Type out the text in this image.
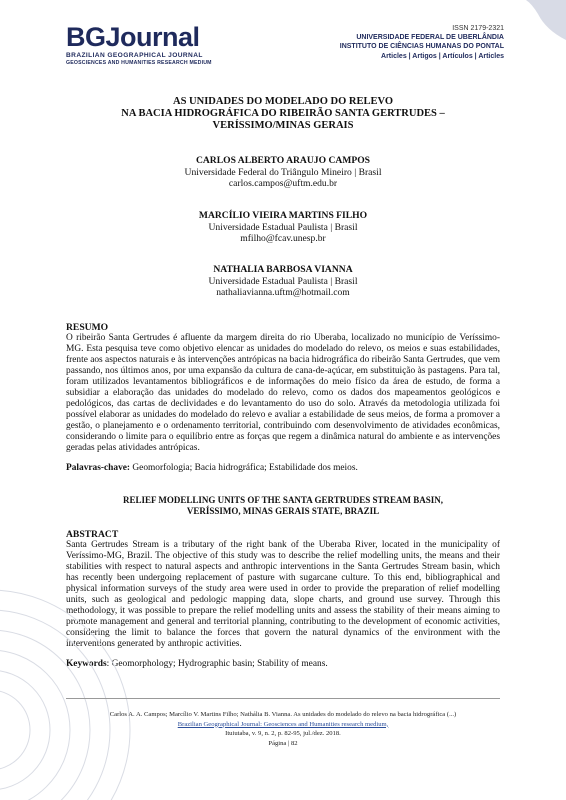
BGJournal
BRAZILIAN GEOGRAPHICAL JOURNAL
GEOSCIENCES AND HUMANITIES RESEARCH MEDIUM
ISSN 2179-2321
UNIVERSIDADE FEDERAL DE UBERLÂNDIA
INSTITUTO DE CIÊNCIAS HUMANAS DO PONTAL
Articles | Artigos | Artículos | Articles
AS UNIDADES DO MODELADO DO RELEVO
NA BACIA HIDROGRÁFICA DO RIBEIRÃO SANTA GERTRUDES –
VERÍSSIMO/MINAS GERAIS
CARLOS ALBERTO ARAUJO CAMPOS
Universidade Federal do Triângulo Mineiro | Brasil
carlos.campos@uftm.edu.br
MARCÍLIO VIEIRA MARTINS FILHO
Universidade Estadual Paulista | Brasil
mfilho@fcav.unesp.br
NATHALIA BARBOSA VIANNA
Universidade Estadual Paulista | Brasil
nathaliavianna.uftm@hotmail.com
RESUMO
O ribeirão Santa Gertrudes é afluente da margem direita do rio Uberaba, localizado no município de Veríssimo-MG. Esta pesquisa teve como objetivo elencar as unidades do modelado do relevo, os meios e suas estabilidades, frente aos aspectos naturais e às intervenções antrópicas na bacia hidrográfica do ribeirão Santa Gertrudes, que vem passando, nos últimos anos, por uma expansão da cultura de cana-de-açúcar, em substituição às pastagens. Para tal, foram utilizados levantamentos bibliográficos e de informações do meio físico da área de estudo, de forma a subsidiar a elaboração das unidades do modelado do relevo, como os dados dos mapeamentos geológicos e pedológicos, das cartas de declividades e do levantamento do uso do solo. Através da metodologia utilizada foi possível elaborar as unidades do modelado do relevo e avaliar a estabilidade de seus meios, de forma a promover a gestão, o planejamento e o ordenamento territorial, contribuindo com desenvolvimento de atividades econômicas, considerando o limite para o equilíbrio entre as forças que regem a dinâmica natural do ambiente e as intervenções geradas pelas atividades antrópicas.
Palavras-chave: Geomorfologia; Bacia hidrográfica; Estabilidade dos meios.
RELIEF MODELLING UNITS OF THE SANTA GERTRUDES STREAM BASIN,
VERÍSSIMO, MINAS GERAIS STATE, BRAZIL
ABSTRACT
Santa Gertrudes Stream is a tributary of the right bank of the Uberaba River, located in the municipality of Veríssimo-MG, Brazil. The objective of this study was to describe the relief modelling units, the means and their stabilities with respect to natural aspects and anthropic interventions in the Santa Gertrudes Stream basin, which has recently been undergoing replacement of pasture with sugarcane culture. To this end, bibliographical and physical information surveys of the study area were used in order to provide the preparation of relief modelling units, such as geological and pedologic mapping data, slope charts, and ground use survey. Through this methodology, it was possible to prepare the relief modelling units and assess the stability of their means aiming to promote management and general and territorial planning, contributing to the development of economic activities, considering the limit to balance the forces that govern the natural dynamics of the environment with the interventions generated by anthropic activities.
Keywords: Geomorphology; Hydrographic basin; Stability of means.
Carlos A. A. Campos; Marcílio V. Martins Filho; Nathália B. Vianna. As unidades do modelado do relevo na bacia hidrográfica (...)
Brazilian Geographical Journal: Geosciences and Humanities research medium,
Ituiutaba, v. 9, n. 2, p. 82-95, jul./dez. 2018.
Página | 82
